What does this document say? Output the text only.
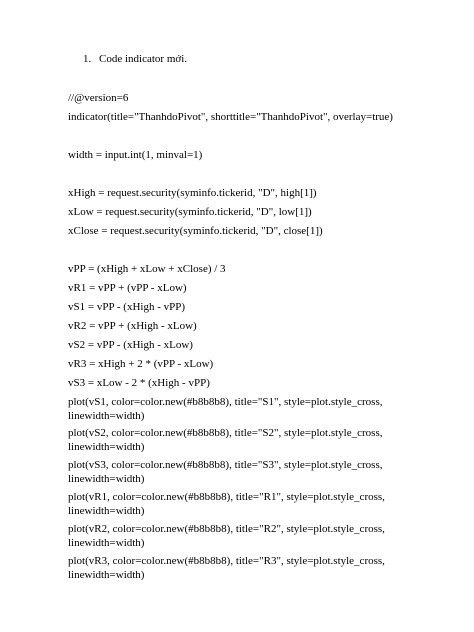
1. Code indicator mới.
//@version=6
indicator(title="ThanhdoPivot", shorttitle="ThanhdoPivot", overlay=true)
width = input.int(1, minval=1)
xHigh = request.security(syminfo.tickerid, "D", high[1])
xLow = request.security(syminfo.tickerid, "D", low[1])
xClose = request.security(syminfo.tickerid, "D", close[1])
vPP = (xHigh + xLow + xClose) / 3
vR1 = vPP + (vPP - xLow)
vS1 = vPP - (xHigh - vPP)
vR2 = vPP + (xHigh - xLow)
vS2 = vPP - (xHigh - xLow)
vR3 = xHigh + 2 * (vPP - xLow)
vS3 = xLow - 2 * (xHigh - vPP)
plot(vS1, color=color.new(#b8b8b8), title="S1", style=plot.style_cross, linewidth=width)
plot(vS2, color=color.new(#b8b8b8), title="S2", style=plot.style_cross, linewidth=width)
plot(vS3, color=color.new(#b8b8b8), title="S3", style=plot.style_cross, linewidth=width)
plot(vR1, color=color.new(#b8b8b8), title="R1", style=plot.style_cross, linewidth=width)
plot(vR2, color=color.new(#b8b8b8), title="R2", style=plot.style_cross, linewidth=width)
plot(vR3, color=color.new(#b8b8b8), title="R3", style=plot.style_cross, linewidth=width)
